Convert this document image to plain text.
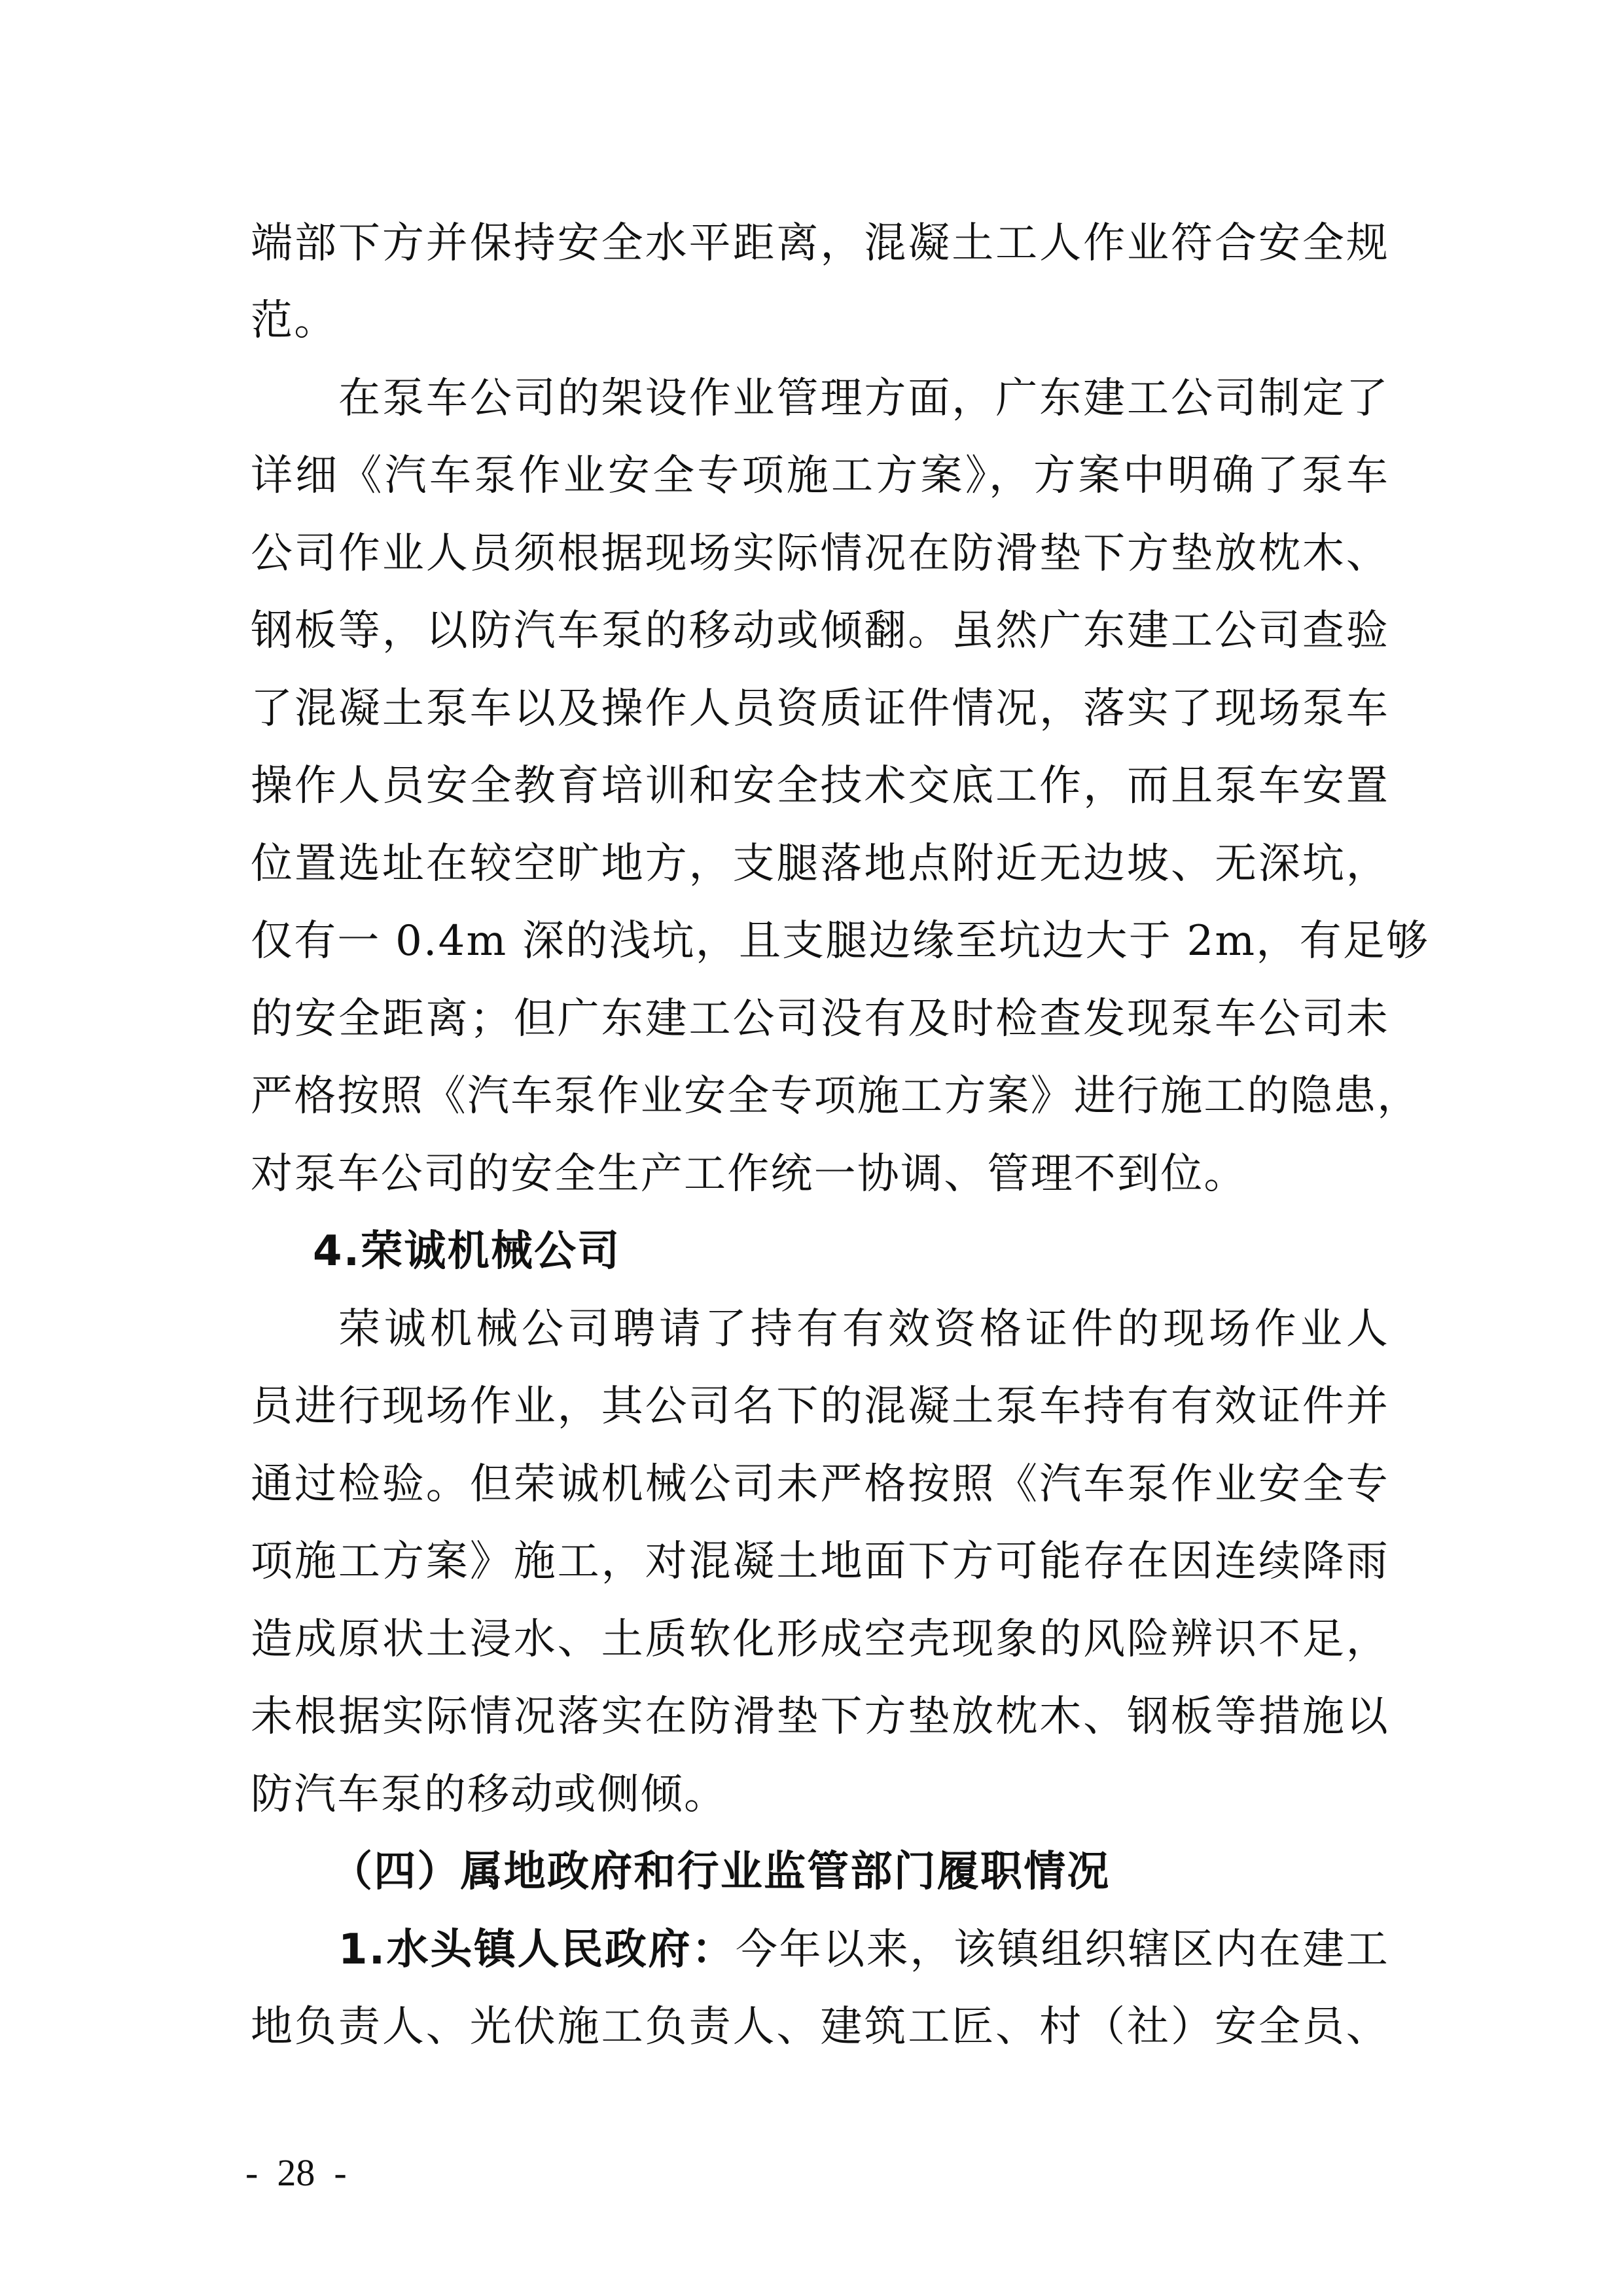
端部下方并保持安全水平距离，混凝土工人作业符合安全规
范。
在泵车公司的架设作业管理方面，广东建工公司制定了
详细《汽车泵作业安全专项施工方案》，方案中明确了泵车
公司作业人员须根据现场实际情况在防滑垫下方垫放枕木、
钢板等，以防汽车泵的移动或倾翻。虽然广东建工公司查验
了混凝土泵车以及操作人员资质证件情况，落实了现场泵车
操作人员安全教育培训和安全技术交底工作，而且泵车安置
位置选址在较空旷地方，支腿落地点附近无边坡、无深坑，
仅有一 0.4m 深的浅坑，且支腿边缘至坑边大于 2m，有足够
的安全距离；但广东建工公司没有及时检查发现泵车公司未
严格按照《汽车泵作业安全专项施工方案》进行施工的隐患，
对泵车公司的安全生产工作统一协调、管理不到位。
4.荣诚机械公司
荣诚机械公司聘请了持有有效资格证件的现场作业人
员进行现场作业，其公司名下的混凝土泵车持有有效证件并
通过检验。但荣诚机械公司未严格按照《汽车泵作业安全专
项施工方案》施工，对混凝土地面下方可能存在因连续降雨
造成原状土浸水、土质软化形成空壳现象的风险辨识不足，
未根据实际情况落实在防滑垫下方垫放枕木、钢板等措施以
防汽车泵的移动或侧倾。
（四）属地政府和行业监管部门履职情况
1.水头镇人民政府：今年以来，该镇组织辖区内在建工
地负责人、光伏施工负责人、建筑工匠、村（社）安全员、
-  28  -
